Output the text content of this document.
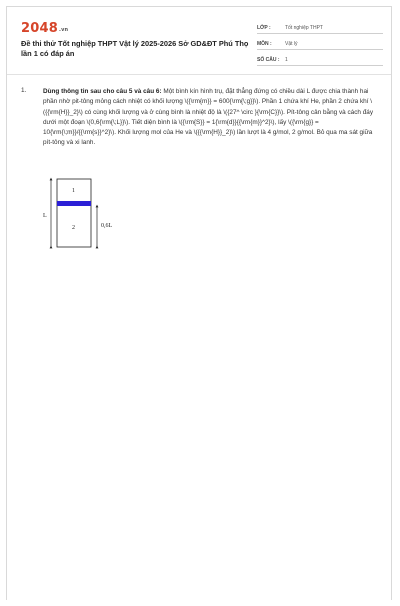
2048.vn
Đề thi thử Tốt nghiệp THPT Vật lý 2025-2026 Sở GD&ĐT Phú Thọ lần 1 có đáp án
LỚP :	Tốt nghiệp THPT
MÔN :	Vật lý
SỐ CÂU :	1
1.	Dùng thông tin sau cho câu 5 và câu 6: Một bình kín hình trụ, đặt thẳng đứng có chiều dài L được chia thành hai phần nhờ pit-tông mỏng cách nhiệt có khối lượng \({\rm{m}} = 600{\rm{\;g}}\). Phần 1 chứa khí He, phần 2 chứa khí \({{\rm{H}}_2}\) có cùng khối lượng và ở cùng bình là nhiệt độ là \({27^ \circ }{\rm{C}}\). Pít-tông cân bằng và cách đáy dưới một đoạn \(0,6{\rm{\;L}}\). Tiết diện bình là \({\rm{S}} = 1{\rm{d}}{{\rm{m}}^2}\), lấy \({\rm{g}} = 10{\rm{\;m}}/{{\rm{s}}^2}\). Khối lượng mol của He và \({{\rm{H}}_2}\) lần lượt là 4 g/mol, 2 g/mol. Bỏ qua ma sát giữa pít-tông và xi lanh.
L
1
2	0,6L
